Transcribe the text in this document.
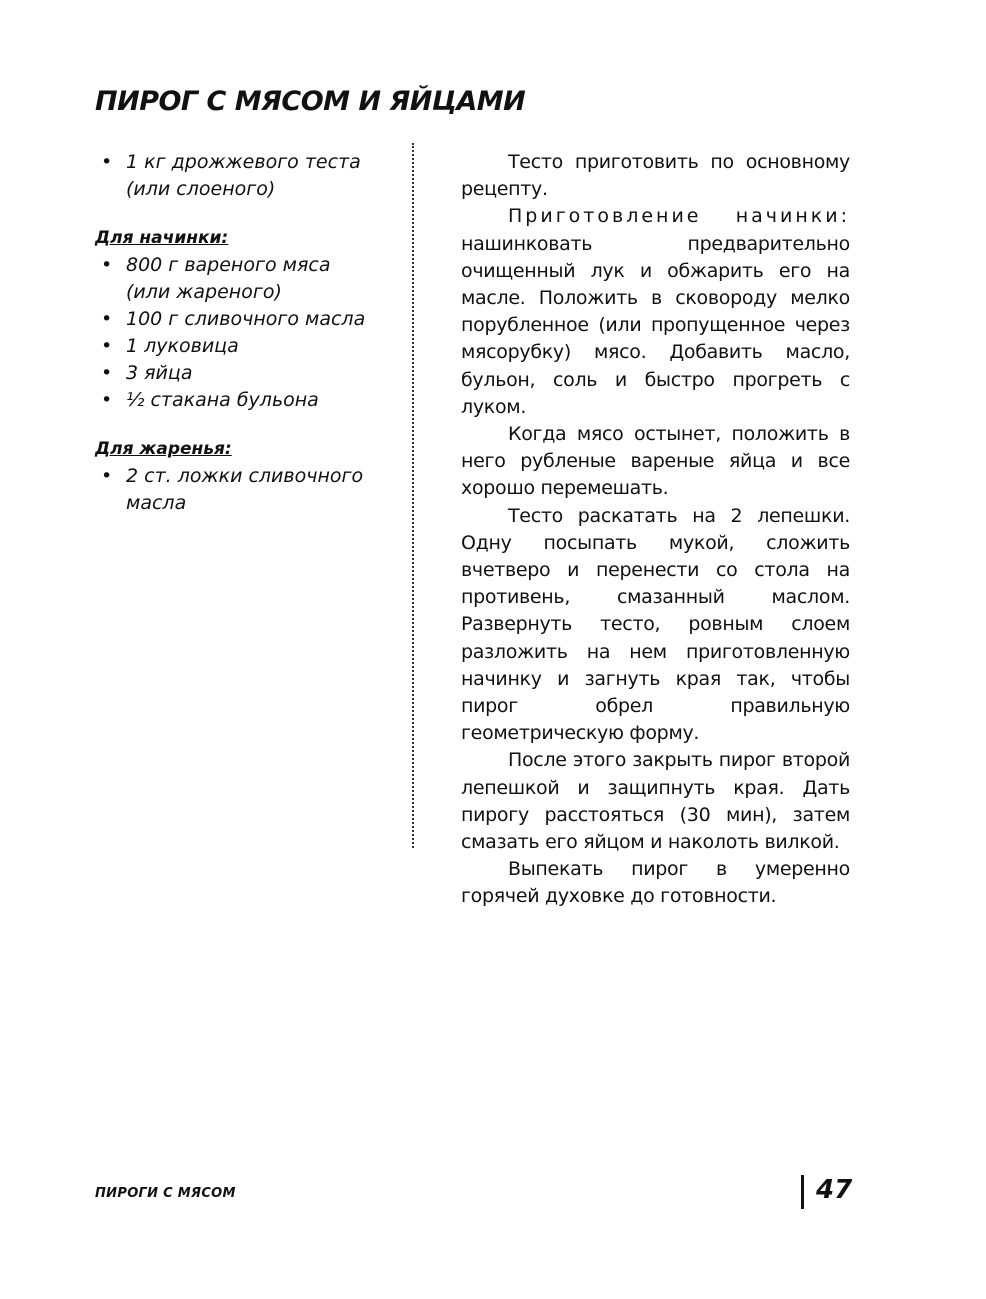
ПИРОГ С МЯСОМ И ЯЙЦАМИ
• 1 кг дрожжевого теста
(или слоеного)
Для начинки:
• 800 г вареного мяса
(или жареного)
• 100 г сливочного масла
• 1 луковица
• 3 яйца
• ½ стакана бульона
Для жаренья:
• 2 ст. ложки сливочного
масла

Тесто приготовить по основному рецепту.

Приготовление начинки: нашинковать предварительно очищенный лук и обжарить его на масле. Положить в сковороду мелко порубленное (или пропущенное через мясорубку) мясо. Добавить масло, бульон, соль и быстро прогреть с луком.

Когда мясо остынет, положить в него рубленые вареные яйца и все хорошо перемешать.

Тесто раскатать на 2 лепешки. Одну посыпать мукой, сложить вчетверо и перенести со стола на противень, смазанный маслом. Развернуть тесто, ровным слоем разложить на нем приготовленную начинку и загнуть края так, чтобы пирог обрел правильную геометрическую форму.

После этого закрыть пирог второй лепешкой и защипнуть края. Дать пирогу расстояться (30 мин), затем смазать его яйцом и наколоть вилкой.

Выпекать пирог в умеренно горячей духовке до готовности.

ПИРОГИ С МЯСОМ	47
